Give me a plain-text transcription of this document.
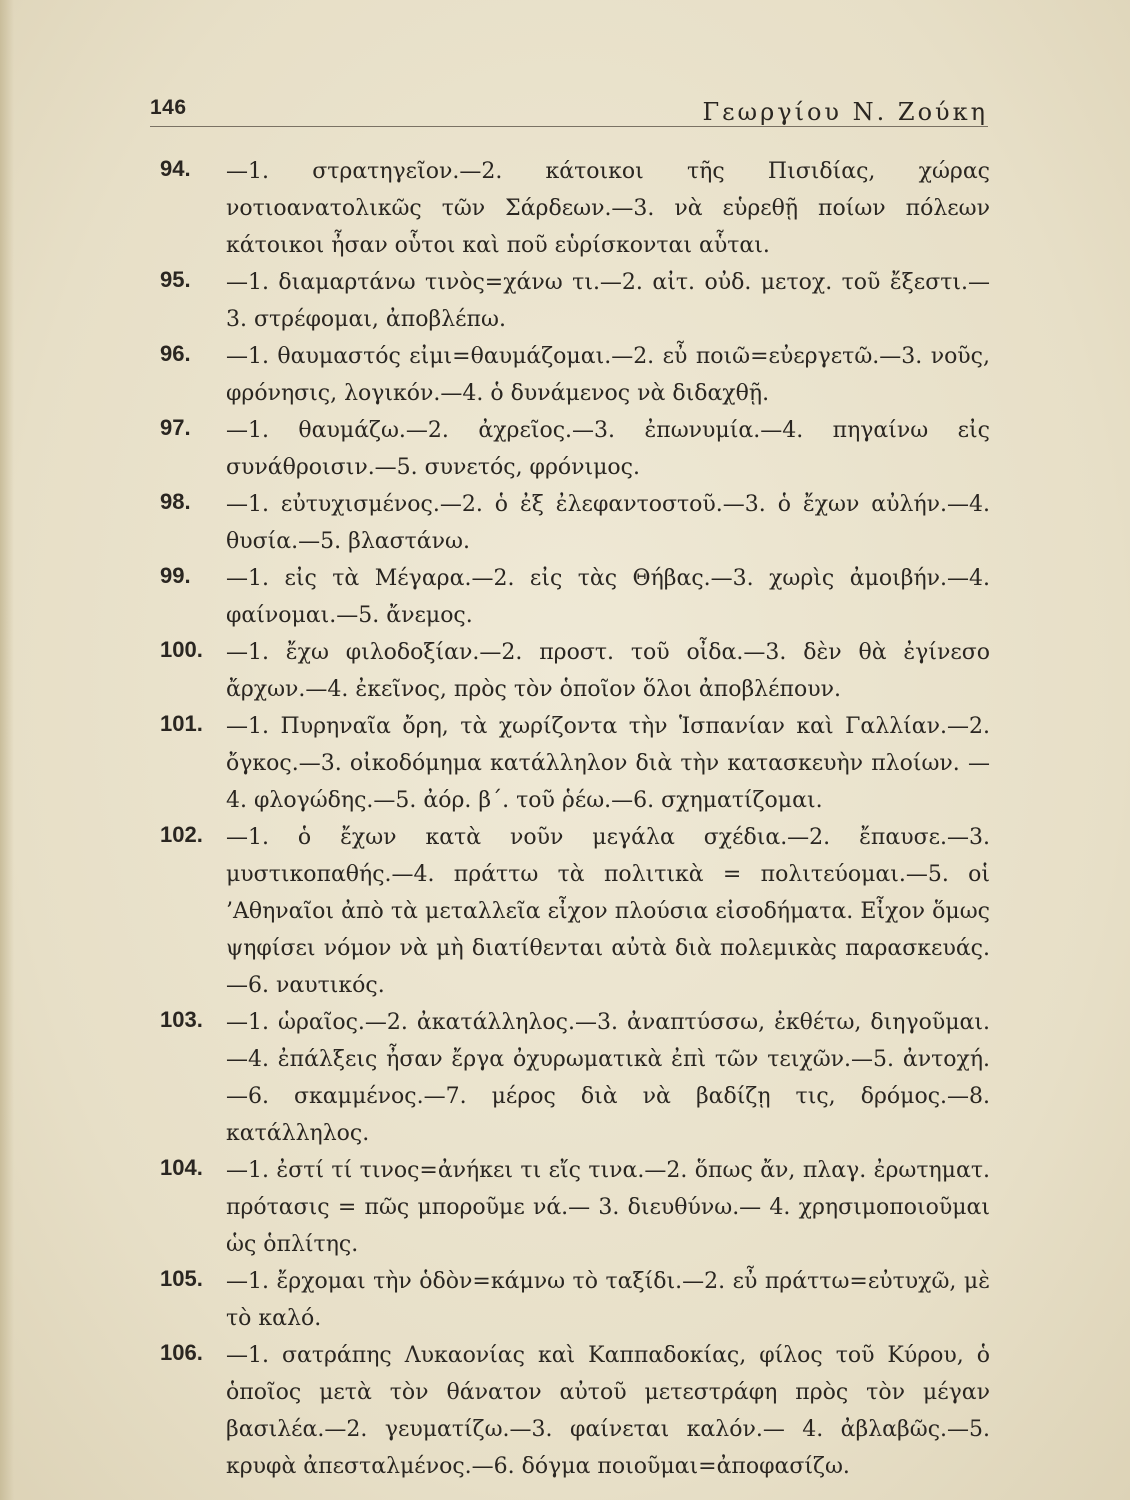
146	Γεωργίου Ν. Ζούκη
94. —1. στρατηγεῖον.—2. κάτοικοι τῆς Πισιδίας, χώρας νοτιοανατολικῶς τῶν Σάρδεων.—3. νὰ εὑρεθῇ ποίων πόλεων κάτοικοι ἦσαν οὗτοι καὶ ποῦ εὑρίσκονται αὗται.
95. —1. διαμαρτάνω τινὸς=χάνω τι.—2. αἰτ. οὐδ. μετοχ. τοῦ ἔξεστι.—3. στρέφομαι, ἀποβλέπω.
96. —1. θαυμαστός εἰμι=θαυμάζομαι.—2. εὖ ποιῶ=εὐεργετῶ.—3. νοῦς, φρόνησις, λογικόν.—4. ὁ δυνάμενος νὰ διδαχθῇ.
97. —1. θαυμάζω.—2. ἀχρεῖος.—3. ἐπωνυμία.—4. πηγαίνω εἰς συνάθροισιν.—5. συνετός, φρόνιμος.
98. —1. εὐτυχισμένος.—2. ὁ ἐξ ἐλεφαντοστοῦ.—3. ὁ ἔχων αὐλήν.—4. θυσία.—5. βλαστάνω.
99. —1. εἰς τὰ Μέγαρα.—2. εἰς τὰς Θήβας.—3. χωρὶς ἀμοιβήν.—4. φαίνομαι.—5. ἄνεμος.
100. —1. ἔχω φιλοδοξίαν.—2. προστ. τοῦ οἶδα.—3. δὲν θὰ ἐγίνεσο ἄρχων.—4. ἐκεῖνος, πρὸς τὸν ὁποῖον ὅλοι ἀποβλέπουν.
101. —1. Πυρηναῖα ὄρη, τὰ χωρίζοντα τὴν Ἱσπανίαν καὶ Γαλλίαν.—2. ὄγκος.—3. οἰκοδόμημα κατάλληλον διὰ τὴν κατασκευὴν πλοίων. —4. φλογώδης.—5. ἀόρ. β΄. τοῦ ῥέω.—6. σχηματίζομαι.
102. —1. ὁ ἔχων κατὰ νοῦν μεγάλα σχέδια.—2. ἔπαυσε.—3. μυστικοπαθής.—4. πράττω τὰ πολιτικὰ = πολιτεύομαι.—5. οἱ ’Αθηναῖοι ἀπὸ τὰ μεταλλεῖα εἶχον πλούσια εἰσοδήματα. Εἶχον ὅμως ψηφίσει νόμον νὰ μὴ διατίθενται αὐτὰ διὰ πολεμικὰς παρασκευάς.—6. ναυτικός.
103. —1. ὡραῖος.—2. ἀκατάλληλος.—3. ἀναπτύσσω, ἐκθέτω, διηγοῦμαι.—4. ἐπάλξεις ἦσαν ἔργα ὀχυρωματικὰ ἐπὶ τῶν τειχῶν.—5. ἀντοχή.—6. σκαμμένος.—7. μέρος διὰ νὰ βαδίζῃ τις, δρόμος.—8. κατάλληλος.
104. —1. ἐστί τί τινος=ἀνήκει τι εἴς τινα.—2. ὅπως ἄν, πλαγ. ἐρωτηματ. πρότασις = πῶς μποροῦμε νά.— 3. διευθύνω.— 4. χρησιμοποιοῦμαι ὡς ὁπλίτης.
105. —1. ἔρχομαι τὴν ὁδὸν=κάμνω τὸ ταξίδι.—2. εὖ πράττω=εὐτυχῶ, μὲ τὸ καλό.
106. —1. σατράπης Λυκαονίας καὶ Καππαδοκίας, φίλος τοῦ Κύρου, ὁ ὁποῖος μετὰ τὸν θάνατον αὐτοῦ μετεστράφη πρὸς τὸν μέγαν βασιλέα.—2. γευματίζω.—3. φαίνεται καλόν.— 4. ἀβλαβῶς.—5. κρυφὰ ἀπεσταλμένος.—6. δόγμα ποιοῦμαι=ἀποφασίζω.
